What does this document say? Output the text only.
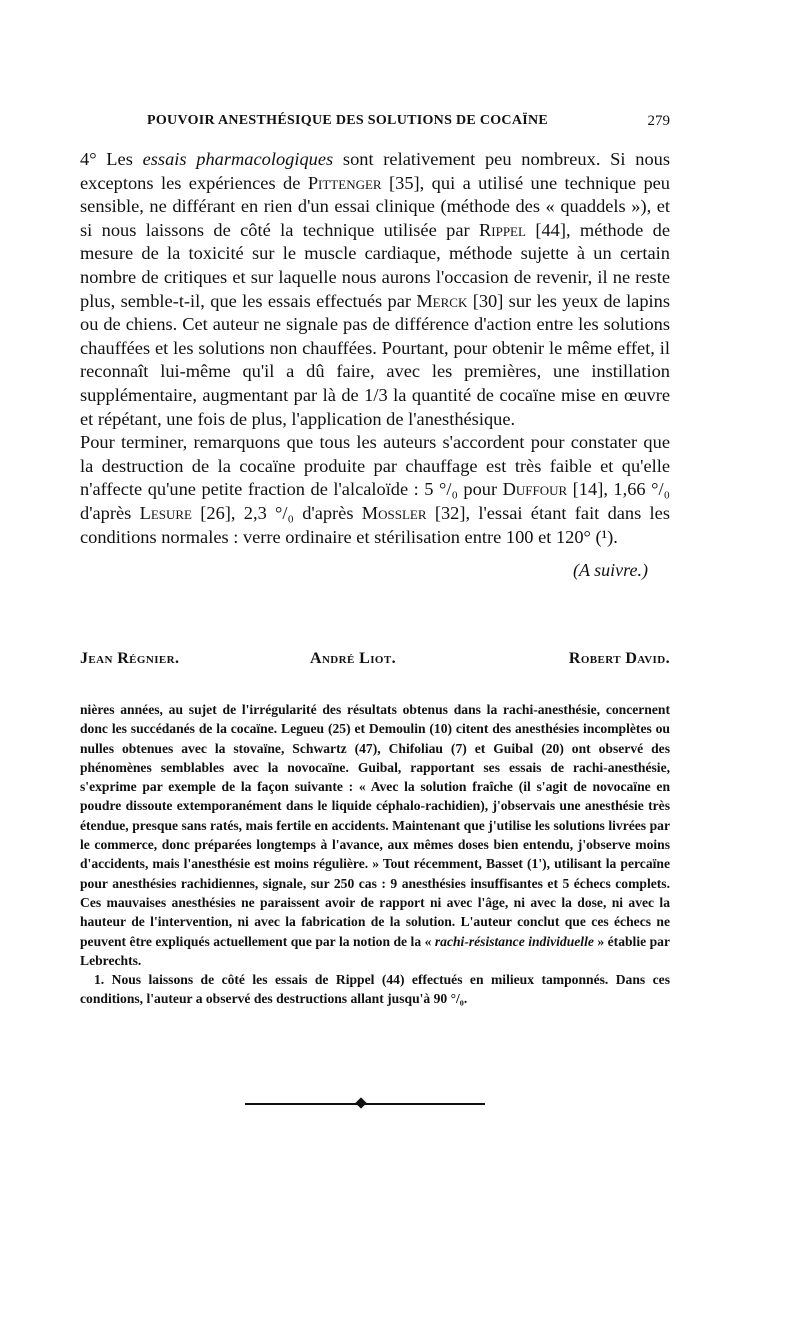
POUVOIR ANESTHÉSIQUE DES SOLUTIONS DE COCAÏNE	279

4° Les essais pharmacologiques sont relativement peu nombreux. Si nous exceptons les expériences de Pittenger [35], qui a utilisé une technique peu sensible, ne différant en rien d'un essai clinique (méthode des « quaddels »), et si nous laissons de côté la technique utilisée par Rippel [44], méthode de mesure de la toxicité sur le muscle cardiaque, méthode sujette à un certain nombre de critiques et sur laquelle nous aurons l'occasion de revenir, il ne reste plus, semble-t-il, que les essais effectués par Merck [30] sur les yeux de lapins ou de chiens. Cet auteur ne signale pas de différence d'action entre les solutions chauffées et les solutions non chauffées. Pourtant, pour obtenir le même effet, il reconnaît lui-même qu'il a dû faire, avec les premières, une instillation supplémentaire, augmentant par là de 1/3 la quantité de cocaïne mise en œuvre et répétant, une fois de plus, l'application de l'anesthésique.

Pour terminer, remarquons que tous les auteurs s'accordent pour constater que la destruction de la cocaïne produite par chauffage est très faible et qu'elle n'affecte qu'une petite fraction de l'alcaloïde : 5 °/₀ pour Duffour [14], 1,66 °/₀ d'après Lesure [26], 2,3 °/₀ d'après Mossler [32], l'essai étant fait dans les conditions normales : verre ordinaire et stérilisation entre 100 et 120° (¹).

(A suivre.)
Jean Régnier.	André Liot.	Robert David.

nières années, au sujet de l'irrégularité des résultats obtenus dans la rachi-anesthésie, concernent donc les succédanés de la cocaïne. Legueu (25) et Demoulin (10) citent des anesthésies incomplètes ou nulles obtenues avec la stovaïne, Schwartz (47), Chifoliau (7) et Guibal (20) ont observé des phénomènes semblables avec la novocaïne. Guibal, rapportant ses essais de rachi-anesthésie, s'exprime par exemple de la façon suivante : « Avec la solution fraîche (il s'agit de novocaïne en poudre dissoute extemporanément dans le liquide céphalo-rachidien), j'observais une anesthésie très étendue, presque sans ratés, mais fertile en accidents. Maintenant que j'utilise les solutions livrées par le commerce, donc préparées longtemps à l'avance, aux mêmes doses bien entendu, j'observe moins d'accidents, mais l'anesthésie est moins régulière. » Tout récemment, Basset (1'), utilisant la percaïne pour anesthésies rachidiennes, signale, sur 250 cas : 9 anesthésies insuffisantes et 5 échecs complets. Ces mauvaises anesthésies ne paraissent avoir de rapport ni avec l'âge, ni avec la dose, ni avec la hauteur de l'intervention, ni avec la fabrication de la solution. L'auteur conclut que ces échecs ne peuvent être expliqués actuellement que par la notion de la « rachi-résistance individuelle » établie par Lebrechts.

1. Nous laissons de côté les essais de Rippel (44) effectués en milieux tamponnés. Dans ces conditions, l'auteur a observé des destructions allant jusqu'à 90 °/₀.
